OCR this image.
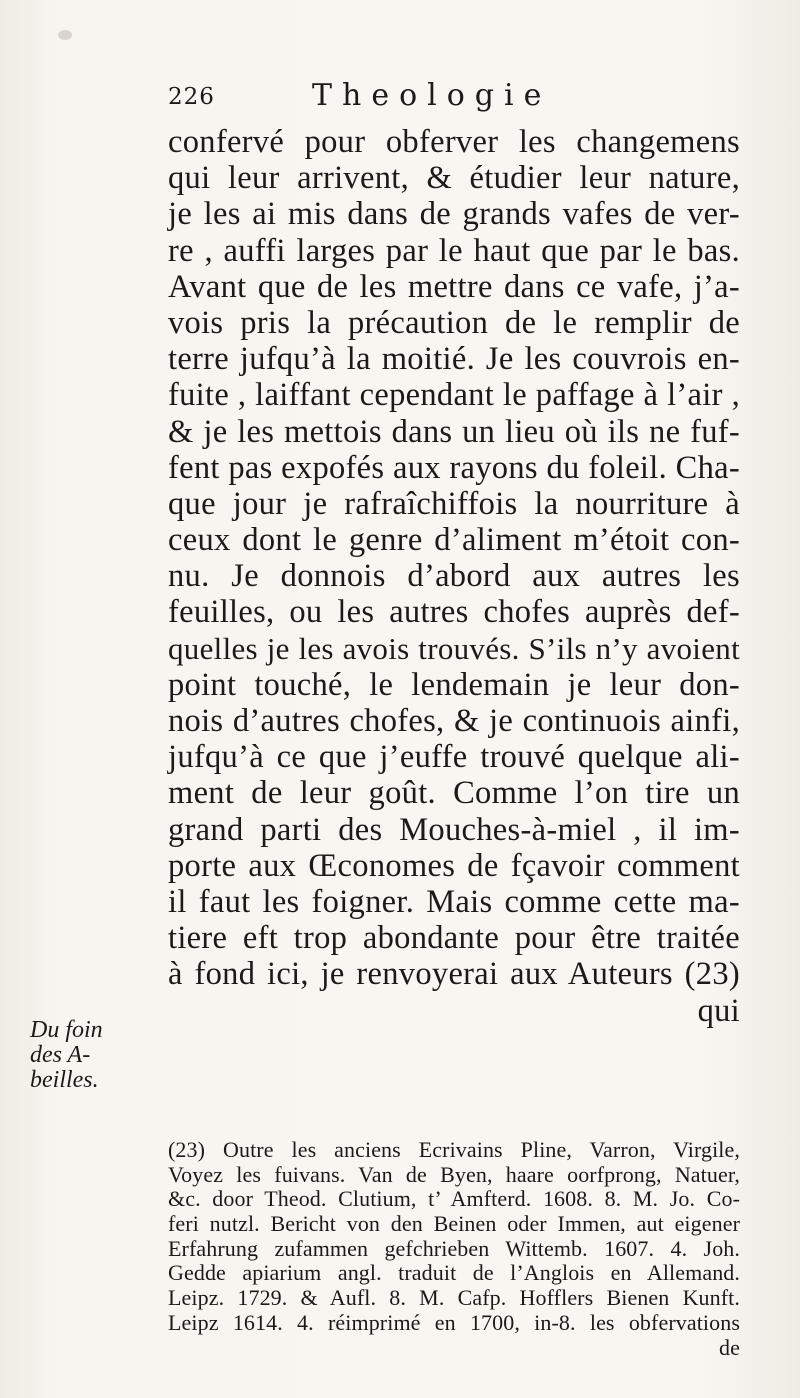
226	Theologie
confervé pour obferver les changemens
qui leur arrivent, & étudier leur nature,
je les ai mis dans de grands vafes de ver-
re , auffi larges par le haut que par le bas.
Avant que de les mettre dans ce vafe, j’a-
vois pris la précaution de le remplir de
terre jufqu’à la moitié. Je les couvrois en-
fuite , laiffant cependant le paffage à l’air ,
& je les mettois dans un lieu où ils ne fuf-
fent pas expofés aux rayons du foleil. Cha-
que jour je rafraîchiffois la nourriture à
ceux dont le genre d’aliment m’étoit con-
nu. Je donnois d’abord aux autres les
feuilles, ou les autres chofes auprès def-
quelles je les avois trouvés. S’ils n’y avoient
point touché, le lendemain je leur don-
nois d’autres chofes, & je continuois ainfi,
jufqu’à ce que j’euffe trouvé quelque ali-
ment de leur goût. Comme l’on tire un
grand parti des Mouches-à-miel , il im-
porte aux Œconomes de fçavoir comment
il faut les foigner. Mais comme cette ma-
tiere eft trop abondante pour être traitée
à fond ici, je renvoyerai aux Auteurs (23)
qui
Du foin
des A-
beilles.
(23) Outre les anciens Ecrivains Pline, Varron, Virgile,
Voyez les fuivans. Van de Byen, haare oorfprong, Natuer,
&c. door Theod. Clutium, t’ Amfterd. 1608. 8. M. Jo. Co-
feri nutzl. Bericht von den Beinen oder Immen, aut eigener
Erfahrung zufammen gefchrieben Wittemb. 1607. 4. Joh.
Gedde apiarium angl. traduit de l’Anglois en Allemand.
Leipz. 1729. & Aufl. 8. M. Cafp. Hofflers Bienen Kunft.
Leipz 1614. 4. réimprimé en 1700, in-8. les obfervations
de
